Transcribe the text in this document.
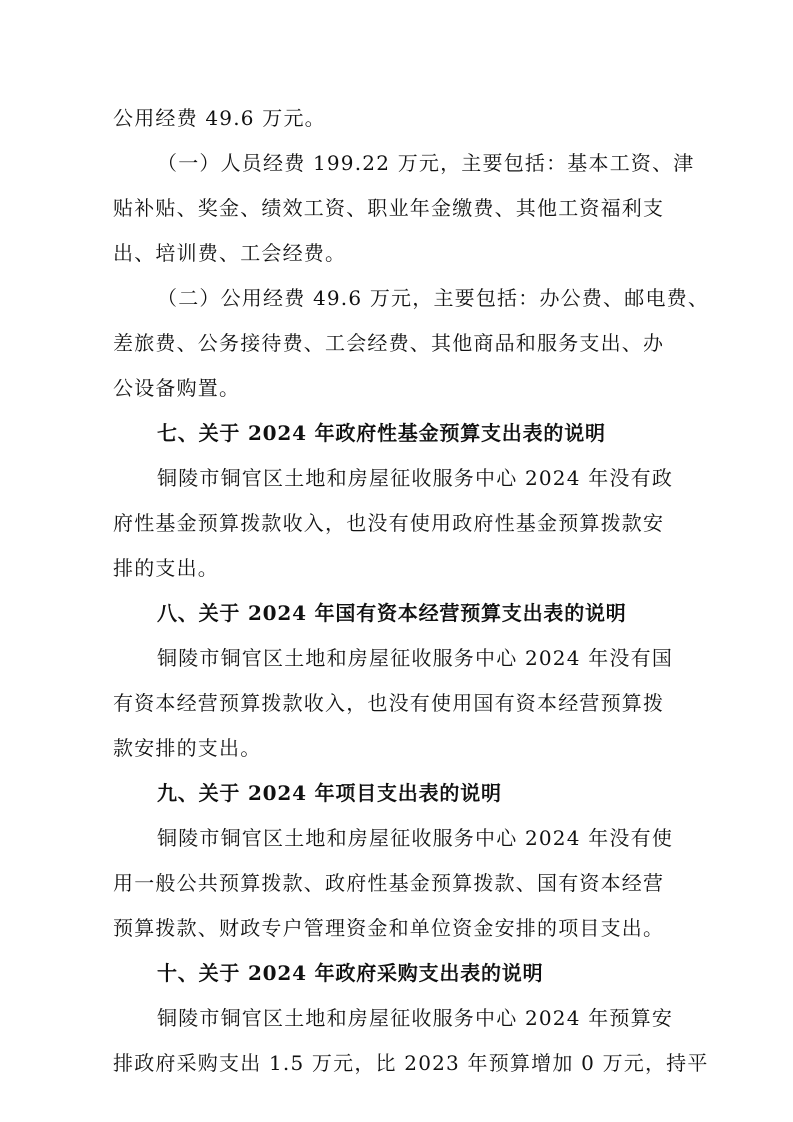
公用经费 49.6 万元。
（一）人员经费 199.22 万元，主要包括：基本工资、津
贴补贴、奖金、绩效工资、职业年金缴费、其他工资福利支
出、培训费、工会经费。
（二）公用经费 49.6 万元，主要包括：办公费、邮电费、
差旅费、公务接待费、工会经费、其他商品和服务支出、办
公设备购置。
七、关于 2024 年政府性基金预算支出表的说明
铜陵市铜官区土地和房屋征收服务中心 2024 年没有政
府性基金预算拨款收入，也没有使用政府性基金预算拨款安
排的支出。
八、关于 2024 年国有资本经营预算支出表的说明
铜陵市铜官区土地和房屋征收服务中心 2024 年没有国
有资本经营预算拨款收入，也没有使用国有资本经营预算拨
款安排的支出。
九、关于 2024 年项目支出表的说明
铜陵市铜官区土地和房屋征收服务中心 2024 年没有使
用一般公共预算拨款、政府性基金预算拨款、国有资本经营
预算拨款、财政专户管理资金和单位资金安排的项目支出。
十、关于 2024 年政府采购支出表的说明
铜陵市铜官区土地和房屋征收服务中心 2024 年预算安
排政府采购支出 1.5 万元，比 2023 年预算增加 0 万元，持平
